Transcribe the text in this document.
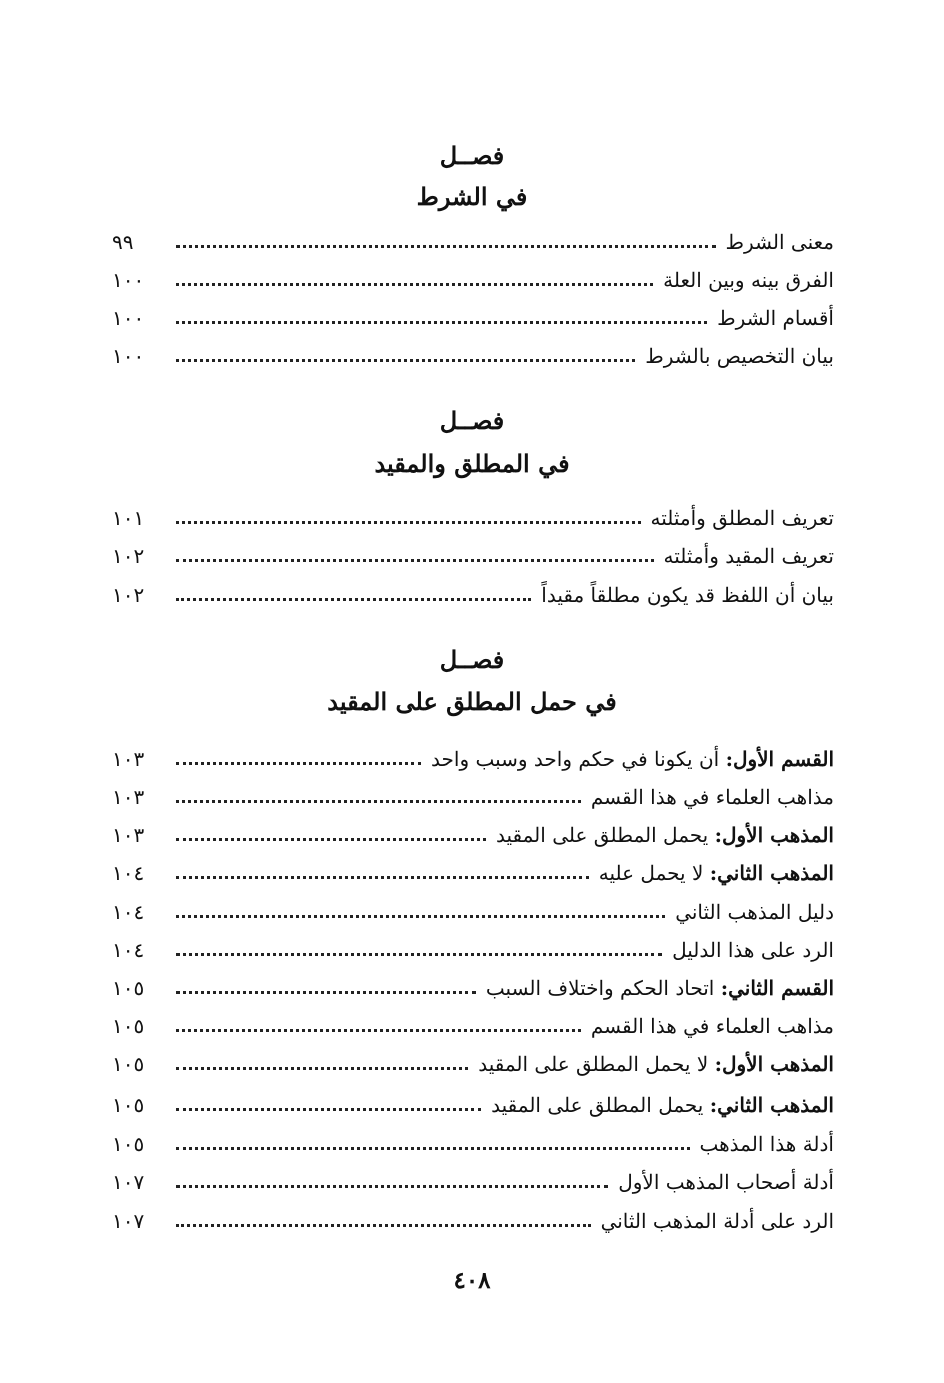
فصــل
في الشرط
معنى الشرط
٩٩
الفرق بينه وبين العلة
١٠٠
أقسام الشرط
١٠٠
بيان التخصيص بالشرط
١٠٠
فصــل
في المطلق والمقيد
تعريف المطلق وأمثلته
١٠١
تعريف المقيد وأمثلته
١٠٢
بيان أن اللفظ قد يكون مطلقاً مقيداً
١٠٢
فصــل
في حمل المطلق على المقيد
القسم الأول: أن يكونا في حكم واحد وسبب واحد
١٠٣
مذاهب العلماء في هذا القسم
١٠٣
المذهب الأول: يحمل المطلق على المقيد
١٠٣
المذهب الثاني: لا يحمل عليه
١٠٤
دليل المذهب الثاني
١٠٤
الرد على هذا الدليل
١٠٤
القسم الثاني: اتحاد الحكم واختلاف السبب
١٠٥
مذاهب العلماء في هذا القسم
١٠٥
المذهب الأول: لا يحمل المطلق على المقيد
١٠٥
المذهب الثاني: يحمل المطلق على المقيد
١٠٥
أدلة هذا المذهب
١٠٥
أدلة أصحاب المذهب الأول
١٠٧
الرد على أدلة المذهب الثاني
١٠٧
٤٠٨
